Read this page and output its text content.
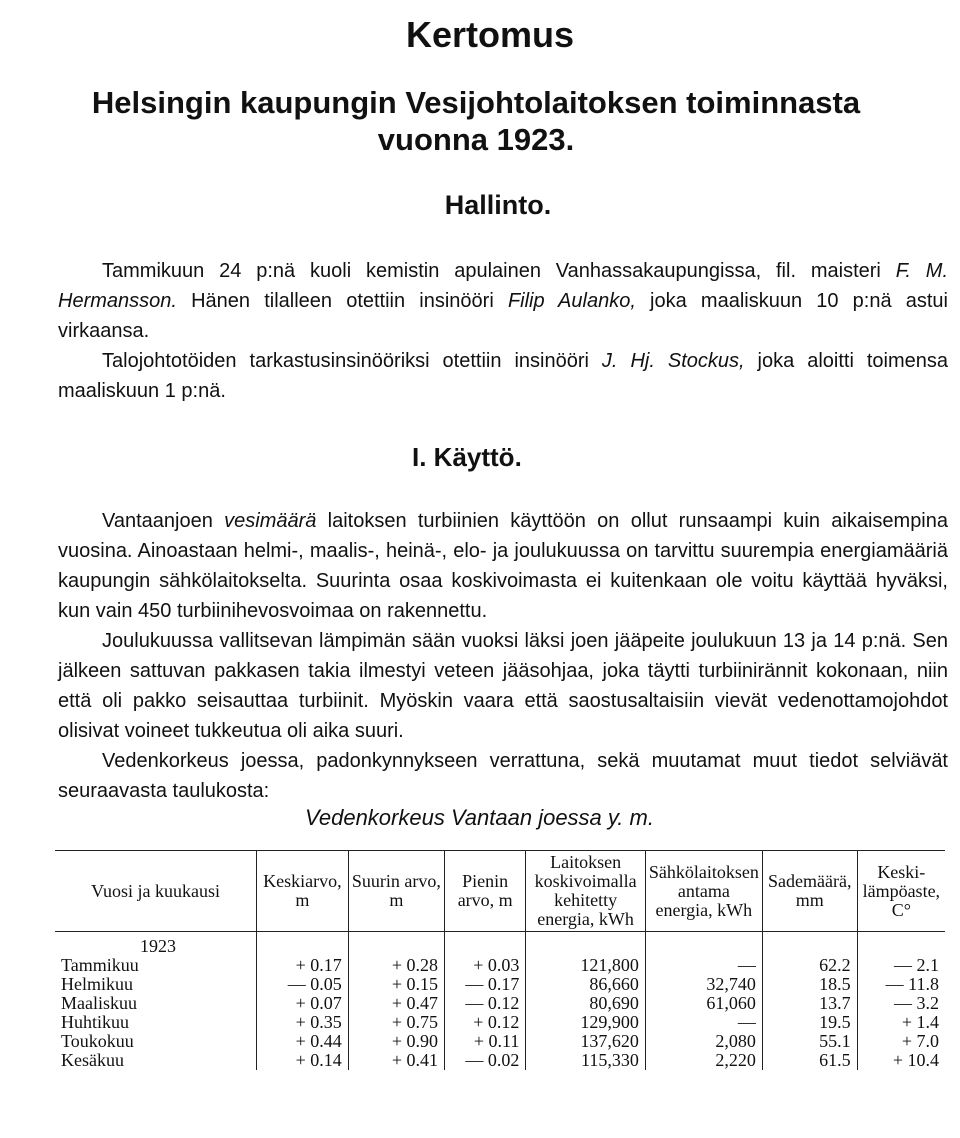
Kertomus
Helsingin kaupungin Vesijohtolaitoksen toiminnasta
vuonna 1923.
Hallinto.

Tammikuun 24 p:nä kuoli kemistin apulainen Vanhassakaupungissa, fil. maisteri F. M. Hermansson. Hänen tilalleen otettiin insinööri Filip Aulanko, joka maaliskuun 10 p:nä astui virkaansa.

Talojohtotöiden tarkastusinsinööriksi otettiin insinööri J. Hj. Stockus, joka aloitti toimensa maaliskuun 1 p:nä.

I. Käyttö.

Vantaanjoen vesimäärä laitoksen turbiinien käyttöön on ollut runsaampi kuin aikaisempina vuosina. Ainoastaan helmi-, maalis-, heinä-, elo- ja joulukuussa on tarvittu suurempia energiamääriä kaupungin sähkölaitokselta. Suurinta osaa koskivoimasta ei kuitenkaan ole voitu käyttää hyväksi, kun vain 450 turbiinihevosvoimaa on rakennettu.

Joulukuussa vallitsevan lämpimän sään vuoksi läksi joen jääpeite joulukuun 13 ja 14 p:nä. Sen jälkeen sattuvan pakkasen takia ilmestyi veteen jääsohjaa, joka täytti turbiinirännit kokonaan, niin että oli pakko seisauttaa turbiinit. Myöskin vaara että saostusaltaisiin vievät vedenottamojohdot olisivat voineet tukkeutua oli aika suuri.

Vedenkorkeus joessa, padonkynnykseen verrattuna, sekä muutamat muut tiedot selviävät seuraavasta taulukosta:

Vedenkorkeus Vantaan joessa y. m.
Vuosi ja kuukausi	Keskiarvo, m	Suurin arvo, m	Pienin arvo, m	Laitoksen koskivoimalla kehitetty energia, kWh	Sähkölaitoksen antama energia, kWh	Sademäärä, mm	Keski-lämpöaste, C°
1923							
Tammikuu	+ 0.17	+ 0.28	+ 0.03	121,800	—	62.2	— 2.1
Helmikuu	— 0.05	+ 0.15	— 0.17	86,660	32,740	18.5	— 11.8
Maaliskuu	+ 0.07	+ 0.47	— 0.12	80,690	61,060	13.7	— 3.2
Huhtikuu	+ 0.35	+ 0.75	+ 0.12	129,900	—	19.5	+ 1.4
Toukokuu	+ 0.44	+ 0.90	+ 0.11	137,620	2,080	55.1	+ 7.0
Kesäkuu	+ 0.14	+ 0.41	— 0.02	115,330	2,220	61.5	+ 10.4
